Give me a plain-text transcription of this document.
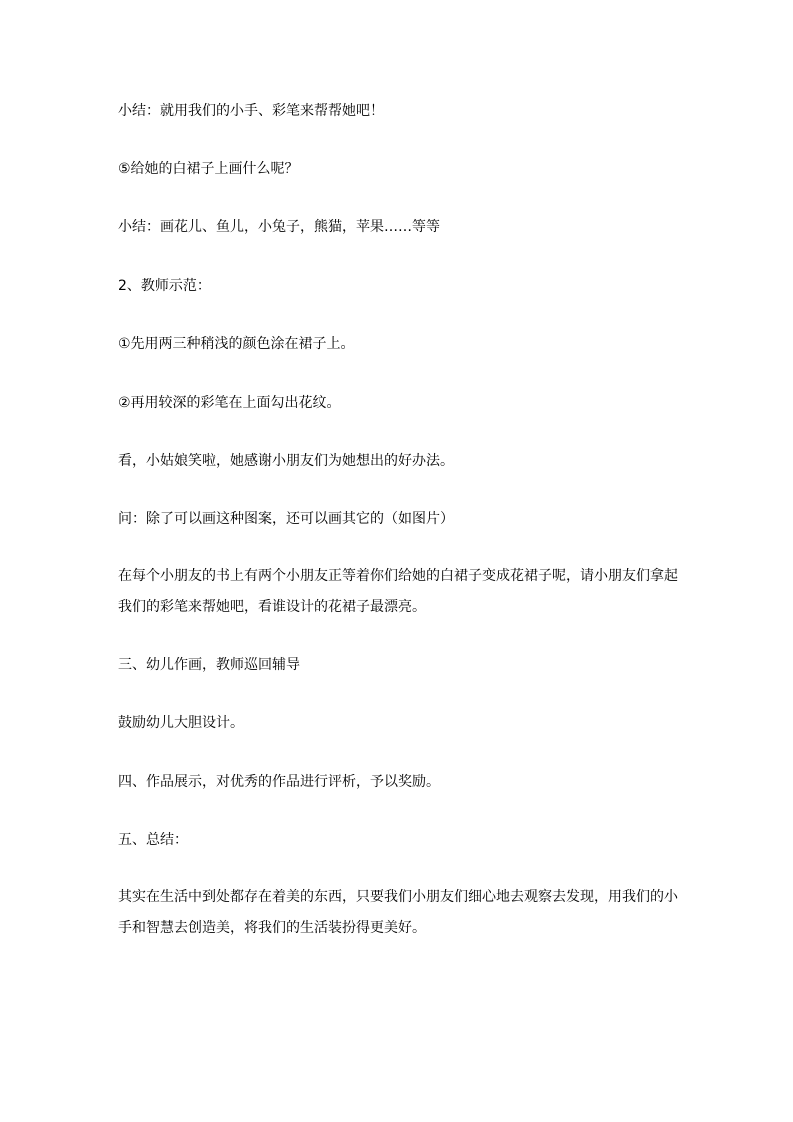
小结：就用我们的小手、彩笔来帮帮她吧！
⑤给她的白裙子上画什么呢？
小结：画花儿、鱼儿，小兔子，熊猫，苹果……等等
2、教师示范：
①先用两三种稍浅的颜色涂在裙子上。
②再用较深的彩笔在上面勾出花纹。
看，小姑娘笑啦，她感谢小朋友们为她想出的好办法。
问：除了可以画这种图案，还可以画其它的（如图片）
在每个小朋友的书上有两个小朋友正等着你们给她的白裙子变成花裙子呢，请小朋友们拿起
我们的彩笔来帮她吧，看谁设计的花裙子最漂亮。
三、幼儿作画，教师巡回辅导
鼓励幼儿大胆设计。
四、作品展示，对优秀的作品进行评析，予以奖励。
五、总结：
其实在生活中到处都存在着美的东西，只要我们小朋友们细心地去观察去发现，用我们的小
手和智慧去创造美，将我们的生活装扮得更美好。
